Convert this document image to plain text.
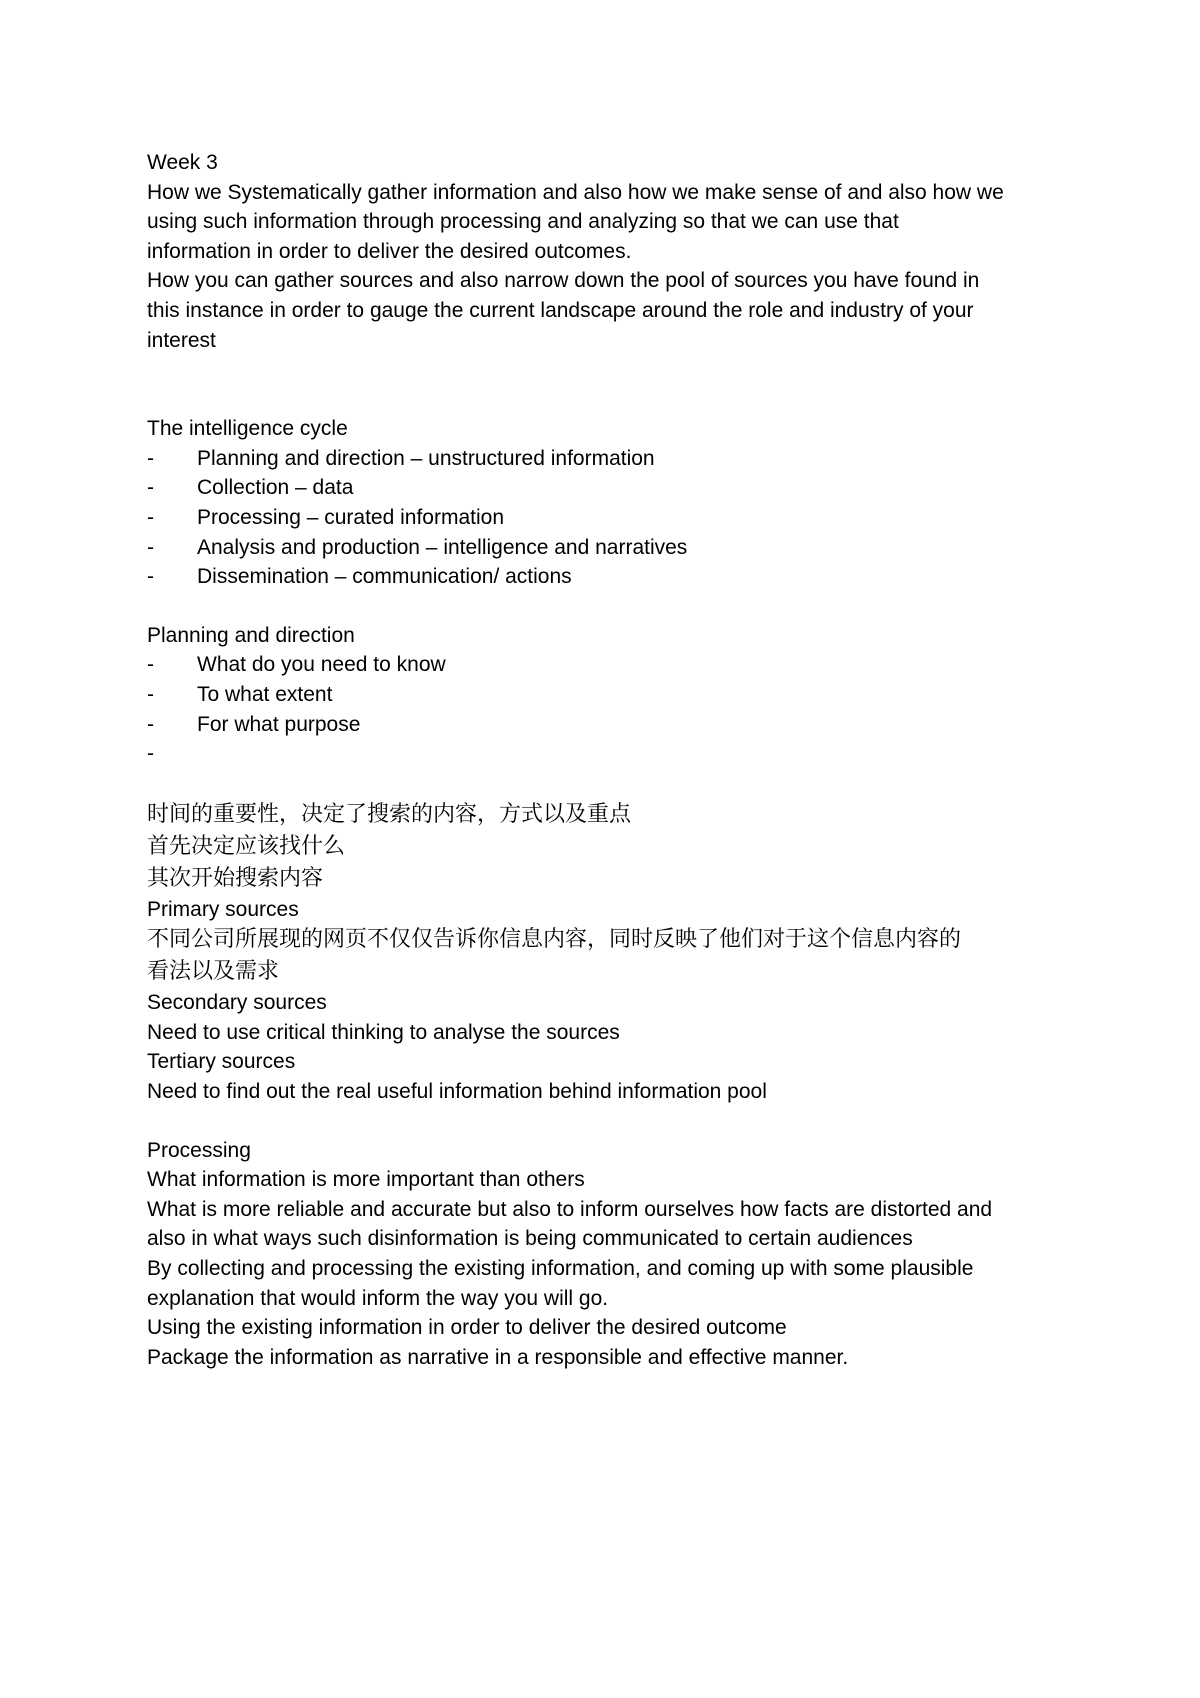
Week 3
How we Systematically gather information and also how we make sense of and also how we
using such information through processing and analyzing so that we can use that
information in order to deliver the desired outcomes.
How you can gather sources and also narrow down the pool of sources you have found in
this instance in order to gauge the current landscape around the role and industry of your
interest
The intelligence cycle
-	Planning and direction – unstructured information
-	Collection – data
-	Processing – curated information
-	Analysis and production – intelligence and narratives
-	Dissemination – communication/ actions
Planning and direction
-	What do you need to know
-	To what extent
-	For what purpose
-
时间的重要性，决定了搜索的内容，方式以及重点
首先决定应该找什么
其次开始搜索内容
Primary sources
不同公司所展现的网页不仅仅告诉你信息内容，同时反映了他们对于这个信息内容的
看法以及需求
Secondary sources
Need to use critical thinking to analyse the sources
Tertiary sources
Need to find out the real useful information behind information pool
Processing
What information is more important than others
What is more reliable and accurate but also to inform ourselves how facts are distorted and
also in what ways such disinformation is being communicated to certain audiences
By collecting and processing the existing information, and coming up with some plausible
explanation that would inform the way you will go.
Using the existing information in order to deliver the desired outcome
Package the information as narrative in a responsible and effective manner.
